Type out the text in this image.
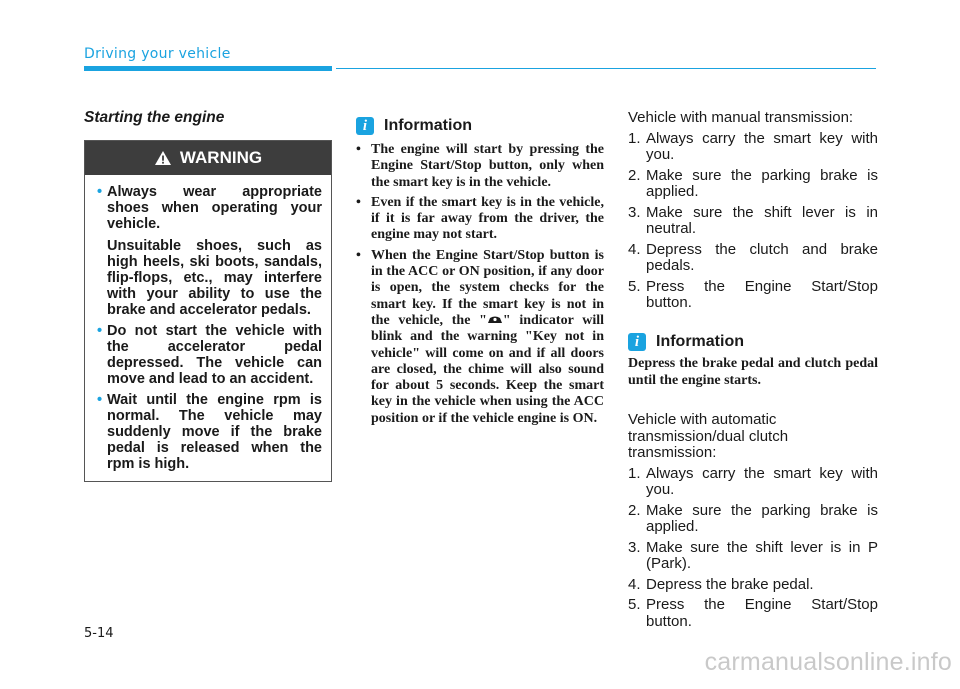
Driving your vehicle
Starting the engine
WARNING
• Always wear appropriate shoes when operating your vehicle.

Unsuitable shoes, such as high heels, ski boots, sandals, flip-flops, etc., may interfere with your ability to use the brake and accelerator pedals.

• Do not start the vehicle with the accelerator pedal depressed. The vehicle can move and lead to an accident.

• Wait until the engine rpm is normal. The vehicle may suddenly move if the brake pedal is released when the rpm is high.

i	Information
• The engine will start by pressing the Engine Start/Stop button, only when the smart key is in the vehicle.
• Even if the smart key is in the vehicle, if it is far away from the driver, the engine may not start.
• When the Engine Start/Stop button is in the ACC or ON position, if any door is open, the system checks for the smart key. If the smart key is not in the vehicle, the " " indicator will blink and the warning "Key not in vehicle" will come on and if all doors are closed, the chime will also sound for about 5 seconds. Keep the smart key in the vehicle when using the ACC position or if the vehicle engine is ON.

Vehicle with manual transmission:

1. Always carry the smart key with you.
2. Make sure the parking brake is applied.
3. Make sure the shift lever is in neutral.
4. Depress the clutch and brake pedals.
5. Press the Engine Start/Stop button.
i	Information

Depress the brake pedal and clutch pedal until the engine starts.

Vehicle with automatic transmission/dual clutch transmission:

1. Always carry the smart key with you.
2. Make sure the parking brake is applied.
3. Make sure the shift lever is in P (Park).
4. Depress the brake pedal.
5. Press the Engine Start/Stop button.
5-14
carmanualsonline.info
